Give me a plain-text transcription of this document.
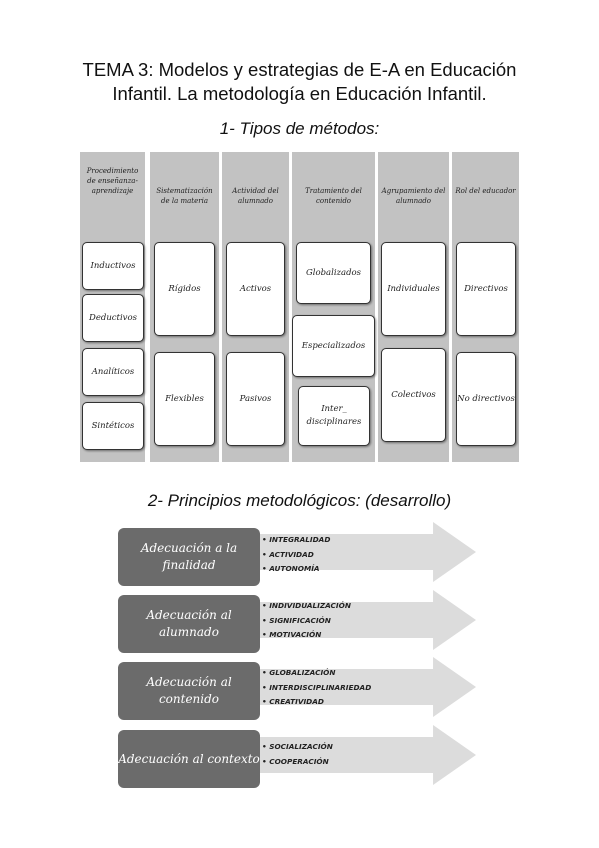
TEMA 3: Modelos y estrategias de E-A en Educación
Infantil. La metodología en Educación Infantil.
1- Tipos de métodos:
Procedimiento de enseñanza-aprendizaje
Inductivos
Deductivos
Analíticos
Sintéticos
Sistematización de la materia
Rígidos
Flexibles
Actividad del alumnado
Activos
Pasivos
Tratamiento del contenido
Globalizados
Especializados
Inter_ disciplinares
Agrupamiento del alumnado
Individuales
Colectivos
Rol del educador
Directivos
No directivos
2- Principios metodológicos: (desarrollo)
Adecuación a la finalidad
• INTEGRALIDAD
• ACTIVIDAD
• AUTONOMÍA
Adecuación al alumnado
• INDIVIDUALIZACIÓN
• SIGNIFICACIÓN
• MOTIVACIÓN
Adecuación al contenido
• GLOBALIZACIÓN
• INTERDISCIPLINARIEDAD
• CREATIVIDAD
Adecuación al contexto
• SOCIALIZACIÓN
• COOPERACIÓN
